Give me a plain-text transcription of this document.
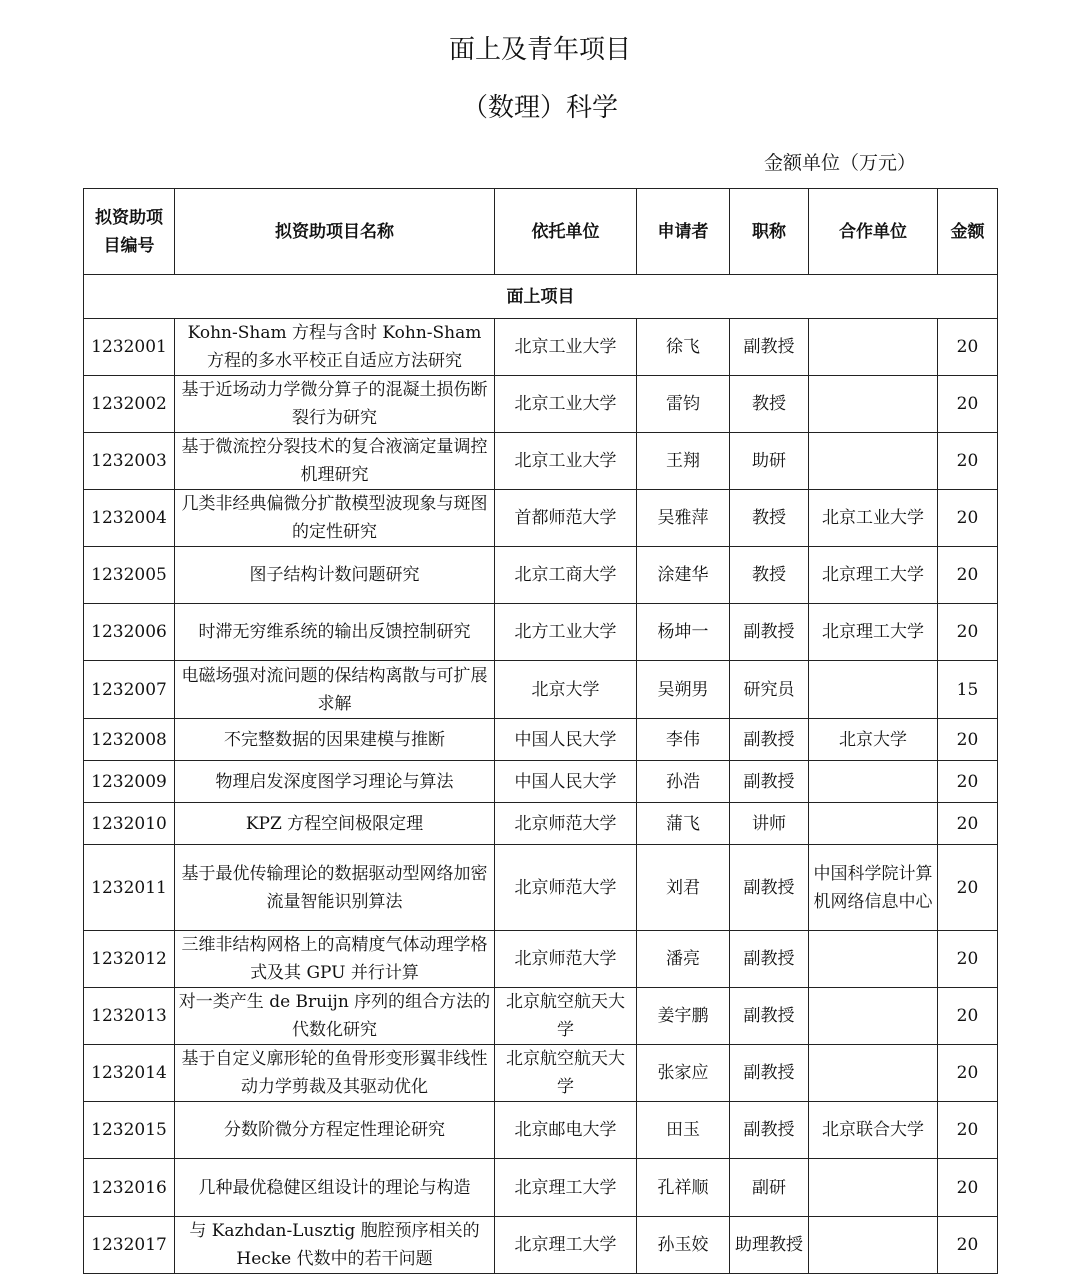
面上及青年项目
（数理）科学
金额单位（万元）
拟资助项目编号	拟资助项目名称	依托单位	申请者	职称	合作单位	金额
面上项目						
1232001	Kohn-Sham 方程与含时 Kohn-Sham 方程的多水平校正自适应方法研究	北京工业大学	徐飞	副教授		20
1232002	基于近场动力学微分算子的混凝土损伤断裂行为研究	北京工业大学	雷钧	教授		20
1232003	基于微流控分裂技术的复合液滴定量调控机理研究	北京工业大学	王翔	助研		20
1232004	几类非经典偏微分扩散模型波现象与斑图的定性研究	首都师范大学	吴雅萍	教授	北京工业大学	20
1232005	图子结构计数问题研究	北京工商大学	涂建华	教授	北京理工大学	20
1232006	时滞无穷维系统的输出反馈控制研究	北方工业大学	杨坤一	副教授	北京理工大学	20
1232007	电磁场强对流问题的保结构离散与可扩展求解	北京大学	吴朔男	研究员		15
1232008	不完整数据的因果建模与推断	中国人民大学	李伟	副教授	北京大学	20
1232009	物理启发深度图学习理论与算法	中国人民大学	孙浩	副教授		20
1232010	KPZ 方程空间极限定理	北京师范大学	蒲飞	讲师		20
1232011	基于最优传输理论的数据驱动型网络加密流量智能识别算法	北京师范大学	刘君	副教授	中国科学院计算机网络信息中心	20
1232012	三维非结构网格上的高精度气体动理学格式及其 GPU 并行计算	北京师范大学	潘亮	副教授		20
1232013	对一类产生 de Bruijn 序列的组合方法的代数化研究	北京航空航天大学	姜宇鹏	副教授		20
1232014	基于自定义廓形轮的鱼骨形变形翼非线性动力学剪裁及其驱动优化	北京航空航天大学	张家应	副教授		20
1232015	分数阶微分方程定性理论研究	北京邮电大学	田玉	副教授	北京联合大学	20
1232016	几种最优稳健区组设计的理论与构造	北京理工大学	孔祥顺	副研		20
1232017	与 Kazhdan-Lusztig 胞腔预序相关的 Hecke 代数中的若干问题	北京理工大学	孙玉姣	助理教授		20
